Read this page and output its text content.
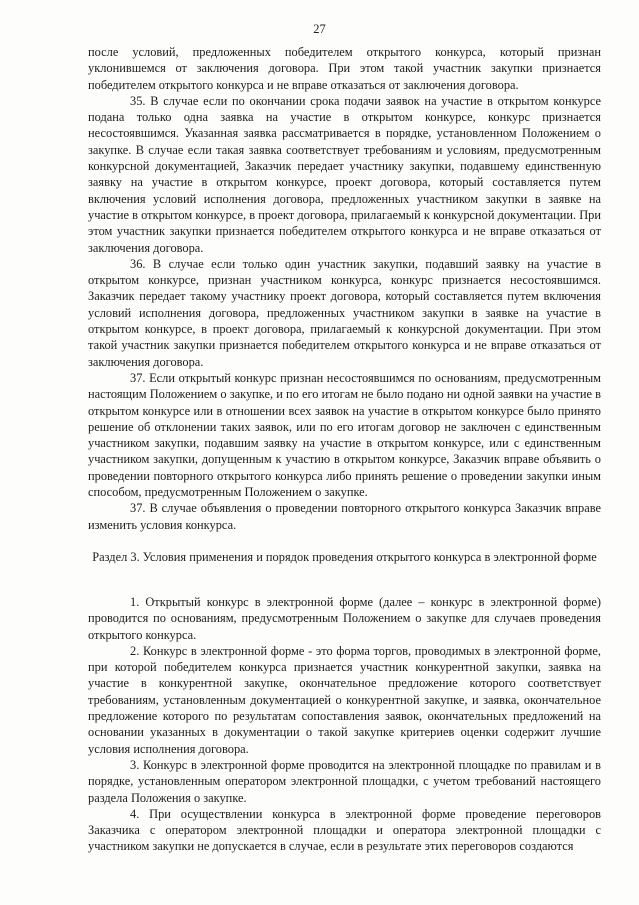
27

после условий, предложенных победителем открытого конкурса, который признан уклонившемся от заключения договора. При этом такой участник закупки признается победителем открытого конкурса и не вправе отказаться от заключения договора.

35. В случае если по окончании срока подачи заявок на участие в открытом конкурсе подана только одна заявка на участие в открытом конкурсе, конкурс признается несостоявшимся. Указанная заявка рассматривается в порядке, установленном Положением о закупке. В случае если такая заявка соответствует требованиям и условиям, предусмотренным конкурсной документацией, Заказчик передает участнику закупки, подавшему единственную заявку на участие в открытом конкурсе, проект договора, который составляется путем включения условий исполнения договора, предложенных участником закупки в заявке на участие в открытом конкурсе, в проект договора, прилагаемый к конкурсной документации. При этом участник закупки признается победителем открытого конкурса и не вправе отказаться от заключения договора.

36. В случае если только один участник закупки, подавший заявку на участие в открытом конкурсе, признан участником конкурса, конкурс признается несостоявшимся. Заказчик передает такому участнику проект договора, который составляется путем включения условий исполнения договора, предложенных участником закупки в заявке на участие в открытом конкурсе, в проект договора, прилагаемый к конкурсной документации. При этом такой участник закупки признается победителем открытого конкурса и не вправе отказаться от заключения договора.

37. Если открытый конкурс признан несостоявшимся по основаниям, предусмотренным настоящим Положением о закупке, и по его итогам не было подано ни одной заявки на участие в открытом конкурсе или в отношении всех заявок на участие в открытом конкурсе было принято решение об отклонении таких заявок, или по его итогам договор не заключен с единственным участником закупки, подавшим заявку на участие в открытом конкурсе, или с единственным участником закупки, допущенным к участию в открытом конкурсе, Заказчик вправе объявить о проведении повторного открытого конкурса либо принять решение о проведении закупки иным способом, предусмотренным Положением о закупке.

37. В случае объявления о проведении повторного открытого конкурса Заказчик вправе изменить условия конкурса.

Раздел 3. Условия применения и порядок проведения открытого конкурса в электронной форме

1. Открытый конкурс в электронной форме (далее – конкурс в электронной форме) проводится по основаниям, предусмотренным Положением о закупке для случаев проведения открытого конкурса.

2. Конкурс в электронной форме - это форма торгов, проводимых в электронной форме, при которой победителем конкурса признается участник конкурентной закупки, заявка на участие в конкурентной закупке, окончательное предложение которого соответствует требованиям, установленным документацией о конкурентной закупке, и заявка, окончательное предложение которого по результатам сопоставления заявок, окончательных предложений на основании указанных в документации о такой закупке критериев оценки содержит лучшие условия исполнения договора.

3. Конкурс в электронной форме проводится на электронной площадке по правилам и в порядке, установленным оператором электронной площадки, с учетом требований настоящего раздела Положения о закупке.

4. При осуществлении конкурса в электронной форме проведение переговоров Заказчика с оператором электронной площадки и оператора электронной площадки с участником закупки не допускается в случае, если в результате этих переговоров создаются
